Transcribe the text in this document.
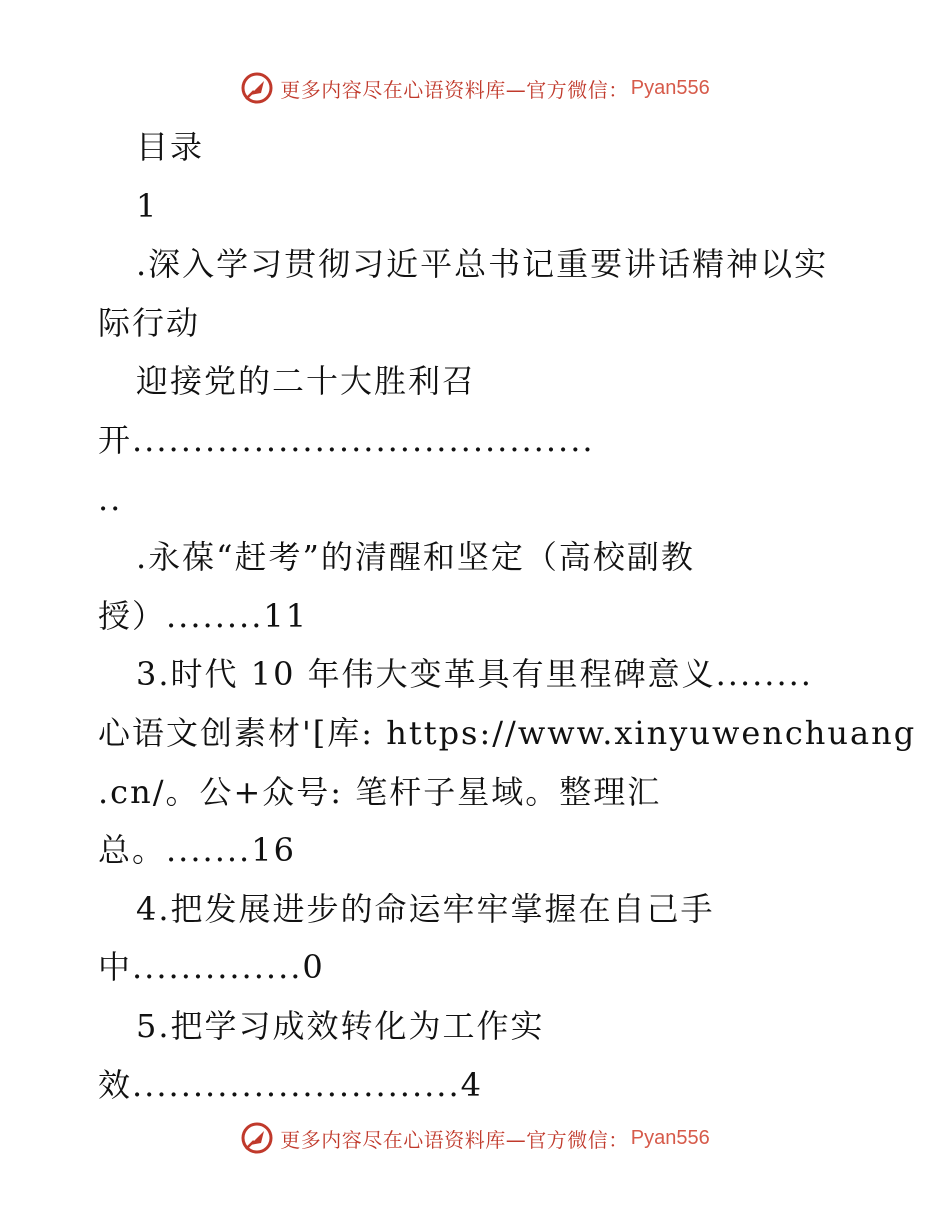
更多内容尽在心语资料库—官方微信： Pyan556
目录
1
.深入学习贯彻习近平总书记重要讲话精神以实
际行动
迎接党的二十大胜利召
开......................................
..
.永葆“赶考”的清醒和坚定（高校副教
授）........11
3.时代 10 年伟大变革具有里程碑意义........
心语文创素材'[库: https://www.xinyuwenchuang
.cn/。公+众号: 笔杆子星域。整理汇
总。.......16
4.把发展进步的命运牢牢掌握在自己手
中..............0
5.把学习成效转化为工作实
效...........................4
更多内容尽在心语资料库—官方微信： Pyan556
